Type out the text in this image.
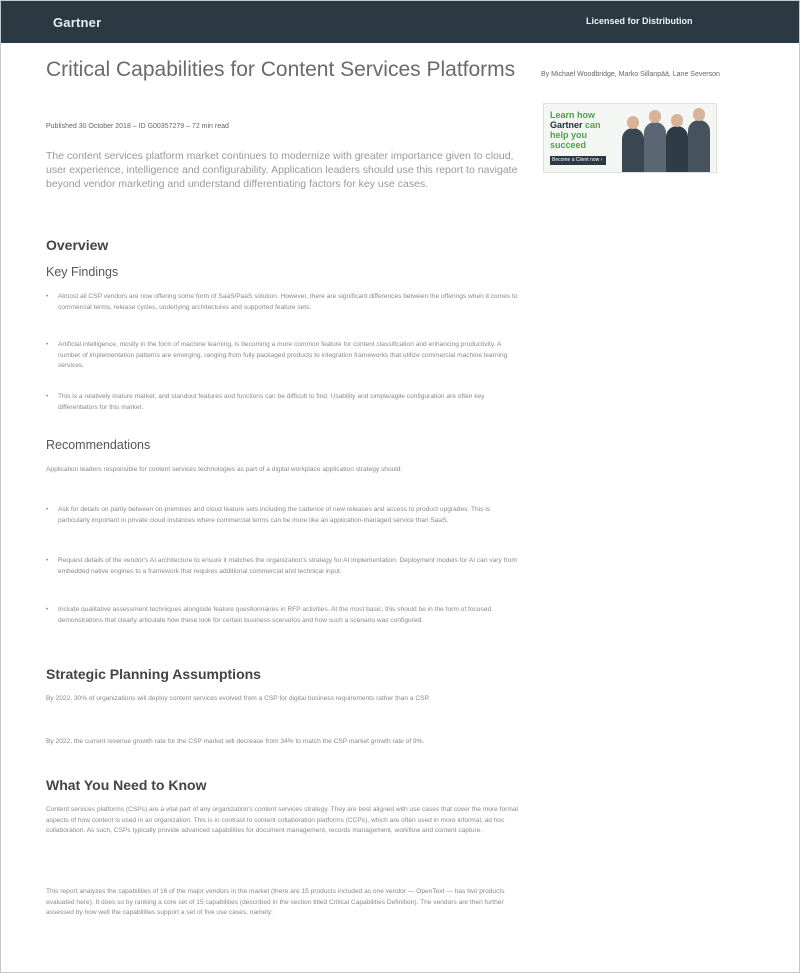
Gartner	Licensed for Distribution
Critical Capabilities for Content Services Platforms	By Michael Woodbridge, Marko Sillanpää, Lane Severson
Learn how
Gartner can
help you succeed
Become a Client now ›
Published 30 October 2018 – ID G00357279 – 72 min read

The content services platform market continues to modernize with greater importance given to cloud, user experience, intelligence and configurability. Application leaders should use this report to navigate beyond vendor marketing and understand differentiating factors for key use cases.

Overview
Key Findings

• Almost all CSP vendors are now offering some form of SaaS/PaaS solution. However, there are significant differences between the offerings when it comes to commercial terms, release cycles, underlying architectures and supported feature sets.

• Artificial intelligence, mostly in the form of machine learning, is becoming a more common feature for content classification and enhancing productivity. A number of implementation patterns are emerging, ranging from fully packaged products to integration frameworks that utilize commercial machine learning services.

• This is a relatively mature market, and standout features and functions can be difficult to find. Usability and simple/agile configuration are often key differentiators for this market.

Recommendations

Application leaders responsible for content services technologies as part of a digital workplace application strategy should:

• Ask for details on parity between on-premises and cloud feature sets including the cadence of new releases and access to product upgrades. This is particularly important in private cloud instances where commercial terms can be more like an application-managed service than SaaS.

• Request details of the vendor's AI architecture to ensure it matches the organization's strategy for AI implementation. Deployment models for AI can vary from embedded native engines to a framework that requires additional commercial and technical input.

• Include qualitative assessment techniques alongside feature questionnaires in RFP activities. At the most basic, this should be in the form of focused demonstrations that clearly articulate how these look for certain business scenarios and how such a scenario was configured.

Strategic Planning Assumptions

By 2022, 30% of organizations will deploy content services evolved from a CSP for digital business requirements rather than a CSP.

By 2022, the current revenue growth rate for the CSP market will decrease from 34% to match the CSP market growth rate of 9%.

What You Need to Know

Content services platforms (CSPs) are a vital part of any organization's content services strategy. They are best aligned with use cases that cover the more formal aspects of how content is used in an organization. This is in contrast to content collaboration platforms (CCPs), which are often used in more informal, ad hoc collaboration. As such, CSPs typically provide advanced capabilities for document management, records management, workflow and content capture.

This report analyzes the capabilities of 16 of the major vendors in the market (there are 15 products included as one vendor — OpenText — has two products evaluated here). It does so by ranking a core set of 15 capabilities (described in the section titled Critical Capabilities Definition). The vendors are then further assessed by how well the capabilities support a set of five use cases, namely:
